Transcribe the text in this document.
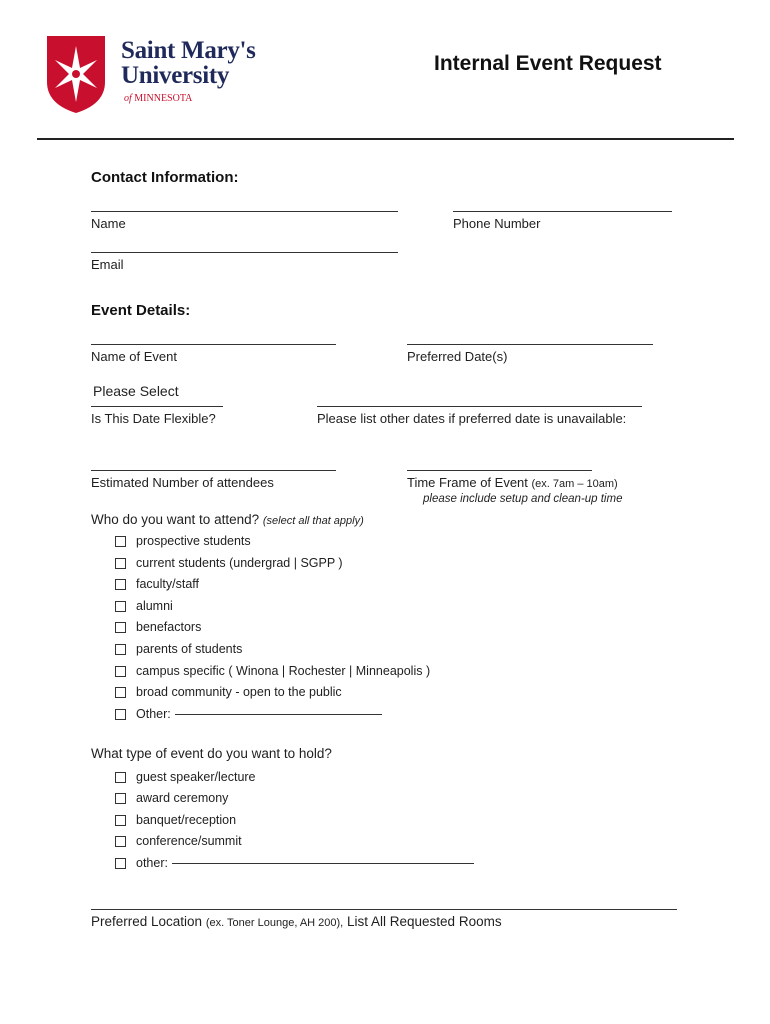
Saint Mary's
University
of MINNESOTA
Internal Event Request
Contact Information:
Name	Phone Number
Email
Event Details:
Name of Event	Preferred Date(s)
Please Select
Is This Date Flexible?	Please list other dates if preferred date is unavailable:
Estimated Number of attendees	Time Frame of Event (ex. 7am – 10am)
please include setup and clean-up time
Who do you want to attend? (select all that apply)
prospective students
current students (undergrad | SGPP )
faculty/staff
alumni
benefactors
parents of students
campus specific ( Winona | Rochester | Minneapolis )
broad community - open to the public
Other:
What type of event do you want to hold?
guest speaker/lecture
award ceremony
banquet/reception
conference/summit
other:
Preferred Location (ex. Toner Lounge, AH 200), List All Requested Rooms
